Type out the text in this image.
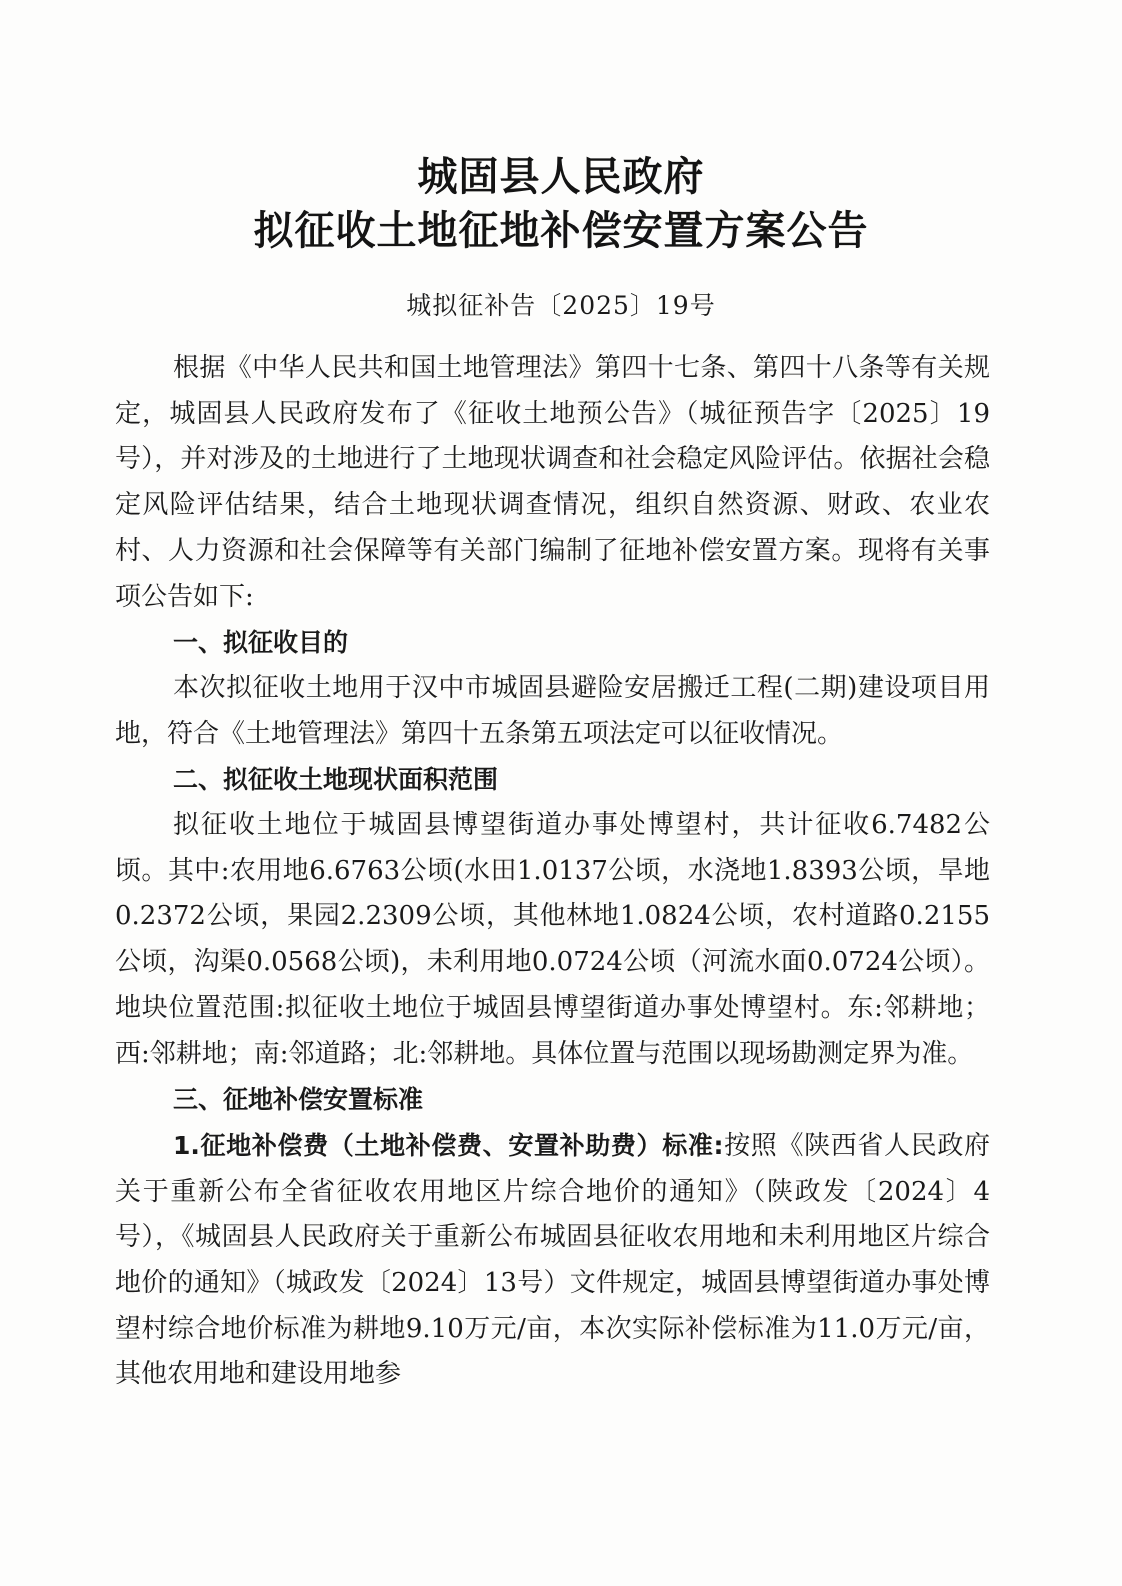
城固县人民政府
拟征收土地征地补偿安置方案公告
城拟征补告〔2025〕19号

根据《中华人民共和国土地管理法》第四十七条、第四十八条等有关规定，城固县人民政府发布了《征收土地预公告》（城征预告字〔2025〕19号），并对涉及的土地进行了土地现状调查和社会稳定风险评估。依据社会稳定风险评估结果，结合土地现状调查情况，组织自然资源、财政、农业农村、人力资源和社会保障等有关部门编制了征地补偿安置方案。现将有关事项公告如下:

一、拟征收目的

本次拟征收土地用于汉中市城固县避险安居搬迁工程(二期)建设项目用地，符合《土地管理法》第四十五条第五项法定可以征收情况。

二、拟征收土地现状面积范围

拟征收土地位于城固县博望街道办事处博望村，共计征收6.7482公顷。其中:农用地6.6763公顷(水田1.0137公顷，水浇地1.8393公顷，旱地0.2372公顷，果园2.2309公顷，其他林地1.0824公顷，农村道路0.2155公顷，沟渠0.0568公顷)，未利用地0.0724公顷（河流水面0.0724公顷）。地块位置范围:拟征收土地位于城固县博望街道办事处博望村。东:邻耕地；西:邻耕地；南:邻道路；北:邻耕地。具体位置与范围以现场勘测定界为准。

三、征地补偿安置标准

1.征地补偿费（土地补偿费、安置补助费）标准:按照《陕西省人民政府关于重新公布全省征收农用地区片综合地价的通知》（陕政发〔2024〕4号），《城固县人民政府关于重新公布城固县征收农用地和未利用地区片综合地价的通知》（城政发〔2024〕13号）文件规定，城固县博望街道办事处博望村综合地价标准为耕地9.10万元/亩，本次实际补偿标准为11.0万元/亩，其他农用地和建设用地参
